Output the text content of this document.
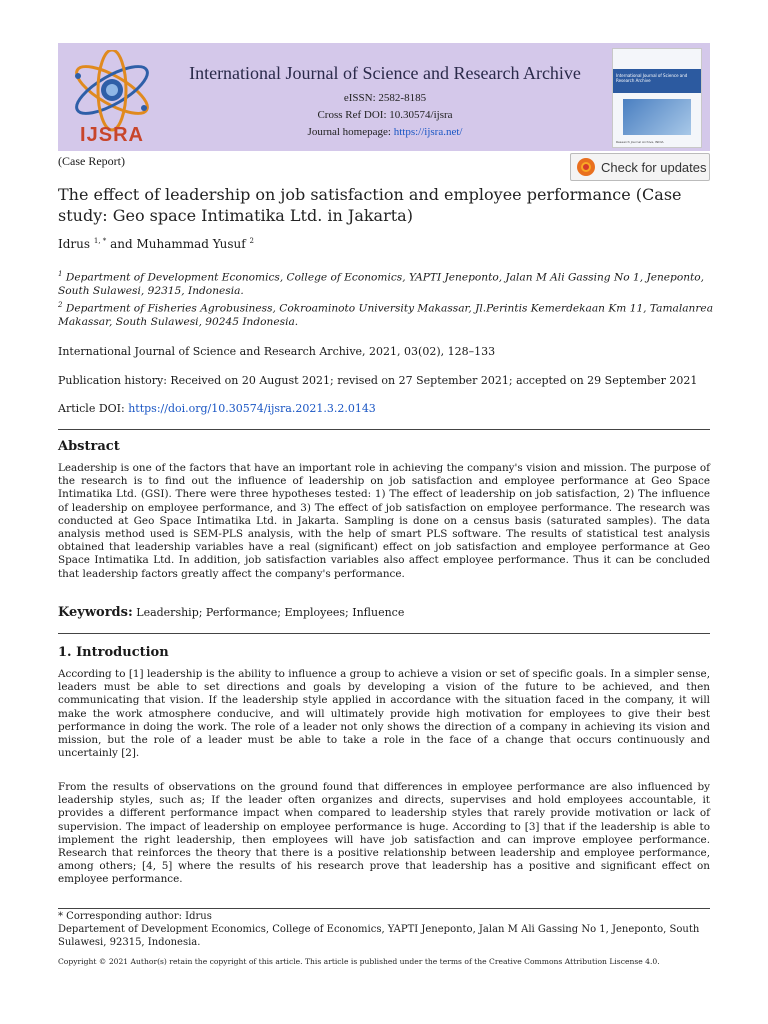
IJSRA
International Journal of Science and Research Archive
eISSN: 2582-8185
Cross Ref DOI: 10.30574/ijsra
Journal homepage: https://ijsra.net/
International Journal of Science and Research Archive
Research Journal Archive, INDIA
(Case Report)	Check for updates
The effect of leadership on job satisfaction and employee performance (Case study: Geo space Intimatika Ltd. in Jakarta)
Idrus $^{1, *}$ and Muhammad Yusuf $^2$
$^1$ Department of Development Economics, College of Economics, YAPTI Jeneponto, Jalan M Ali Gassing No 1, Jeneponto, South Sulawesi, 92315, Indonesia.
$^2$ Department of Fisheries Agrobusiness, Cokroaminoto University Makassar, Jl.Perintis Kemerdekaan Km 11, Tamalanrea Makassar, South Sulawesi, 90245 Indonesia.
International Journal of Science and Research Archive, 2021, 03(02), 128–133
Publication history: Received on 20 August 2021; revised on 27 September 2021; accepted on 29 September 2021
Article DOI: https://doi.org/10.30574/ijsra.2021.3.2.0143
Abstract
Leadership is one of the factors that have an important role in achieving the company's vision and mission. The purpose of the research is to find out the influence of leadership on job satisfaction and employee performance at Geo Space Intimatika Ltd. (GSI). There were three hypotheses tested: 1) The effect of leadership on job satisfaction, 2) The influence of leadership on employee performance, and 3) The effect of job satisfaction on employee performance. The research was conducted at Geo Space Intimatika Ltd. in Jakarta. Sampling is done on a census basis (saturated samples). The data analysis method used is SEM-PLS analysis, with the help of smart PLS software. The results of statistical test analysis obtained that leadership variables have a real (significant) effect on job satisfaction and employee performance at Geo Space Intimatika Ltd. In addition, job satisfaction variables also affect employee performance. Thus it can be concluded that leadership factors greatly affect the company's performance.
Keywords: Leadership; Performance; Employees; Influence
1. Introduction
According to [1] leadership is the ability to influence a group to achieve a vision or set of specific goals. In a simpler sense, leaders must be able to set directions and goals by developing a vision of the future to be achieved, and then communicating that vision. If the leadership style applied in accordance with the situation faced in the company, it will make the work atmosphere conducive, and will ultimately provide high motivation for employees to give their best performance in doing the work. The role of a leader not only shows the direction of a company in achieving its vision and mission, but the role of a leader must be able to take a role in the face of a change that occurs continuously and uncertainly [2].
From the results of observations on the ground found that differences in employee performance are also influenced by leadership styles, such as; If the leader often organizes and directs, supervises and hold employees accountable, it provides a different performance impact when compared to leadership styles that rarely provide motivation or lack of supervision. The impact of leadership on employee performance is huge. According to [3] that if the leadership is able to implement the right leadership, then employees will have job satisfaction and can improve employee performance. Research that reinforces the theory that there is a positive relationship between leadership and employee performance, among others; [4, 5] where the results of his research prove that leadership has a positive and significant effect on employee performance.
* Corresponding author: Idrus
Departement of Development Economics, College of Economics, YAPTI Jeneponto, Jalan M Ali Gassing No 1, Jeneponto, South Sulawesi, 92315, Indonesia.
Copyright © 2021 Author(s) retain the copyright of this article. This article is published under the terms of the Creative Commons Attribution Liscense 4.0.
